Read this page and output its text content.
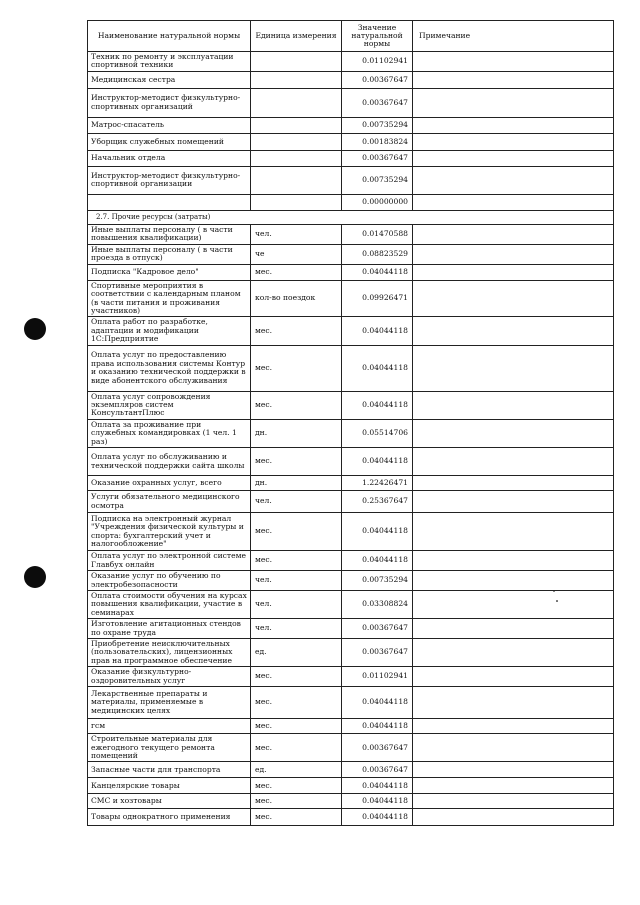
Наименование натуральной нормы	Единица измерения	Значение натуральной нормы	Примечание
Техник по ремонту и эксплуатации спортивной техники		0.01102941	
Медицинская сестра		0.00367647	
Инструктор-методист физкультурно-спортивных организаций		0.00367647	
Матрос-спасатель		0.00735294	
Уборщик служебных помещений		0.00183824	
Начальник отдела		0.00367647	
Инструктор-методист физкультурно-спортивной организации		0.00735294	
		0.00000000	
2.7. Прочие ресурсы (затраты)			
Иные выплаты персоналу ( в части повышения квалификации)	чел.	0.01470588	
Иные выплаты персоналу ( в части проезда в отпуск)	че	0.08823529	
Подписка "Кадровое дело"	мес.	0.04044118	
Спортивные мероприятия в соответствии с календарным планом (в части питания и проживания участников)	кол-во поездок	0.09926471	
Оплата работ по разработке, адаптации и модификации 1С:Предприятие	мес.	0.04044118	
Оплата услуг по предоставлению права использования системы Контур и оказанию технической поддержки в виде абонентского обслуживания	мес.	0.04044118	
Оплата услуг сопровождения экземпляров систем КонсультантПлюс	мес.	0.04044118	
Оплата за проживание при служебных командировках (1 чел. 1 раз)	дн.	0.05514706	
Оплата услуг по обслуживанию и технической поддержки сайта школы	мес.	0.04044118	
Оказание охранных услуг, всего	дн.	1.22426471	
Услуги обязательного медицинского осмотра	чел.	0.25367647	
Подписка на электронный журнал "Учреждения физической культуры и спорта: бухгалтерский учет и налогообложение"	мес.	0.04044118	
Оплата услуг по электронной системе Главбух онлайн	мес.	0.04044118	
Оказание услуг по обучению по электробезопасности	чел.	0.00735294	
Оплата стоимости обучения на курсах повышения квалификации, участие в семинарах	чел.	0.03308824	
Изготовление агитационных стендов по охране труда	чел.	0.00367647	
Приобретение неисключительных (пользовательских), лицензионных прав на программное обеспечение	ед.	0.00367647	
Оказание физкультурно-оздоровительных услуг	мес.	0.01102941	
Лекарственные препараты и материалы, применяемые в медицинских целях	мес.	0.04044118	
гсм	мес.	0.04044118	
Строительные материалы для ежегодного текущего ремонта помещений	мес.	0.00367647	
Запасные части для транспорта	ед.	0.00367647	
Канцелярские товары	мес.	0.04044118	
СМС и хозтовары	мес.	0.04044118	
Товары однократного применения	мес.	0.04044118	
